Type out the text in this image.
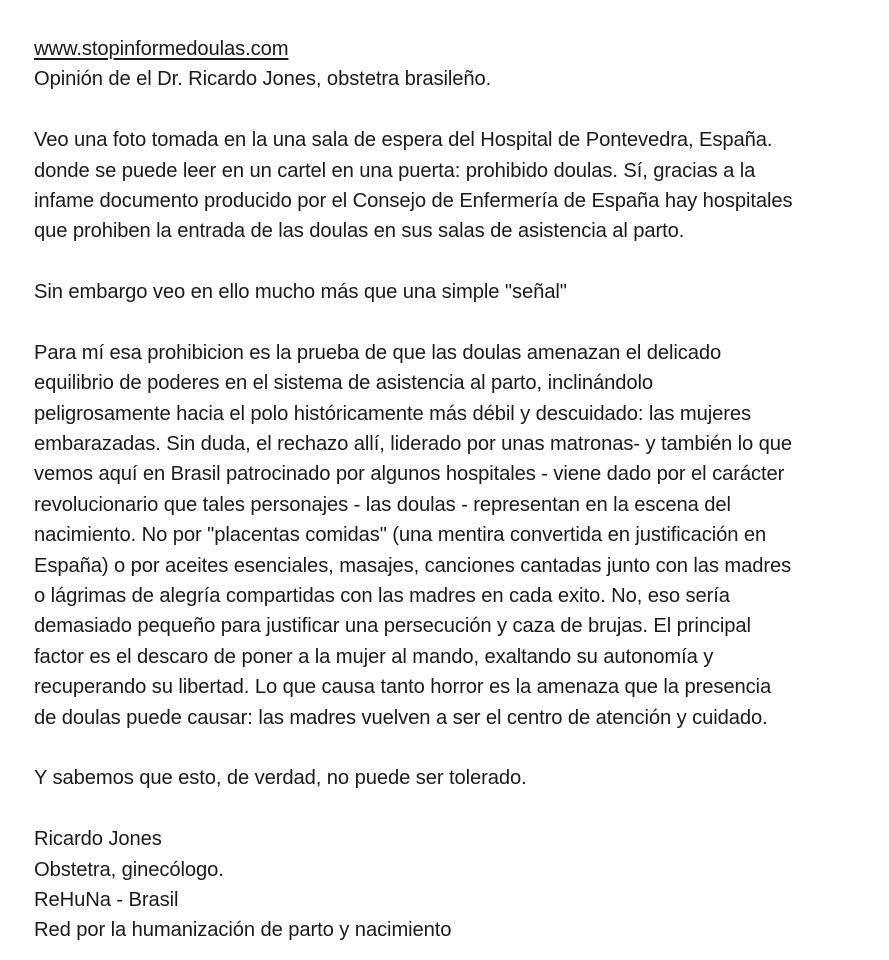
www.stopinformedoulas.com
Opinión de el Dr. Ricardo Jones, obstetra brasileño.
Veo una foto tomada en la una sala de espera del Hospital de Pontevedra, España.
donde se puede leer en un cartel en una puerta: prohibido doulas. Sí, gracias a la
infame documento producido por el Consejo de Enfermería de España hay hospitales
que prohiben la entrada de las doulas en sus salas de asistencia al parto.
Sin embargo veo en ello mucho más que una simple "señal"
Para mí esa prohibicion es la prueba de que las doulas amenazan el delicado
equilibrio de poderes en el sistema de asistencia al parto, inclinándolo
peligrosamente hacia el polo históricamente más débil y descuidado: las mujeres
embarazadas. Sin duda, el rechazo allí, liderado por unas matronas- y también lo que
vemos aquí en Brasil patrocinado por algunos hospitales - viene dado por el carácter
revolucionario que tales personajes - las doulas - representan en la escena del
nacimiento. No por "placentas comidas" (una mentira convertida en justificación en
España) o por aceites esenciales, masajes, canciones cantadas junto con las madres
o lágrimas de alegría compartidas con las madres en cada exito. No, eso sería
demasiado pequeño para justificar una persecución y caza de brujas. El principal
factor es el descaro de poner a la mujer al mando, exaltando su autonomía y
recuperando su libertad. Lo que causa tanto horror es la amenaza que la presencia
de doulas puede causar: las madres vuelven a ser el centro de atención y cuidado.
Y sabemos que esto, de verdad, no puede ser tolerado.
Ricardo Jones
Obstetra, ginecólogo.
ReHuNa - Brasil
Red por la humanización de parto y nacimiento
